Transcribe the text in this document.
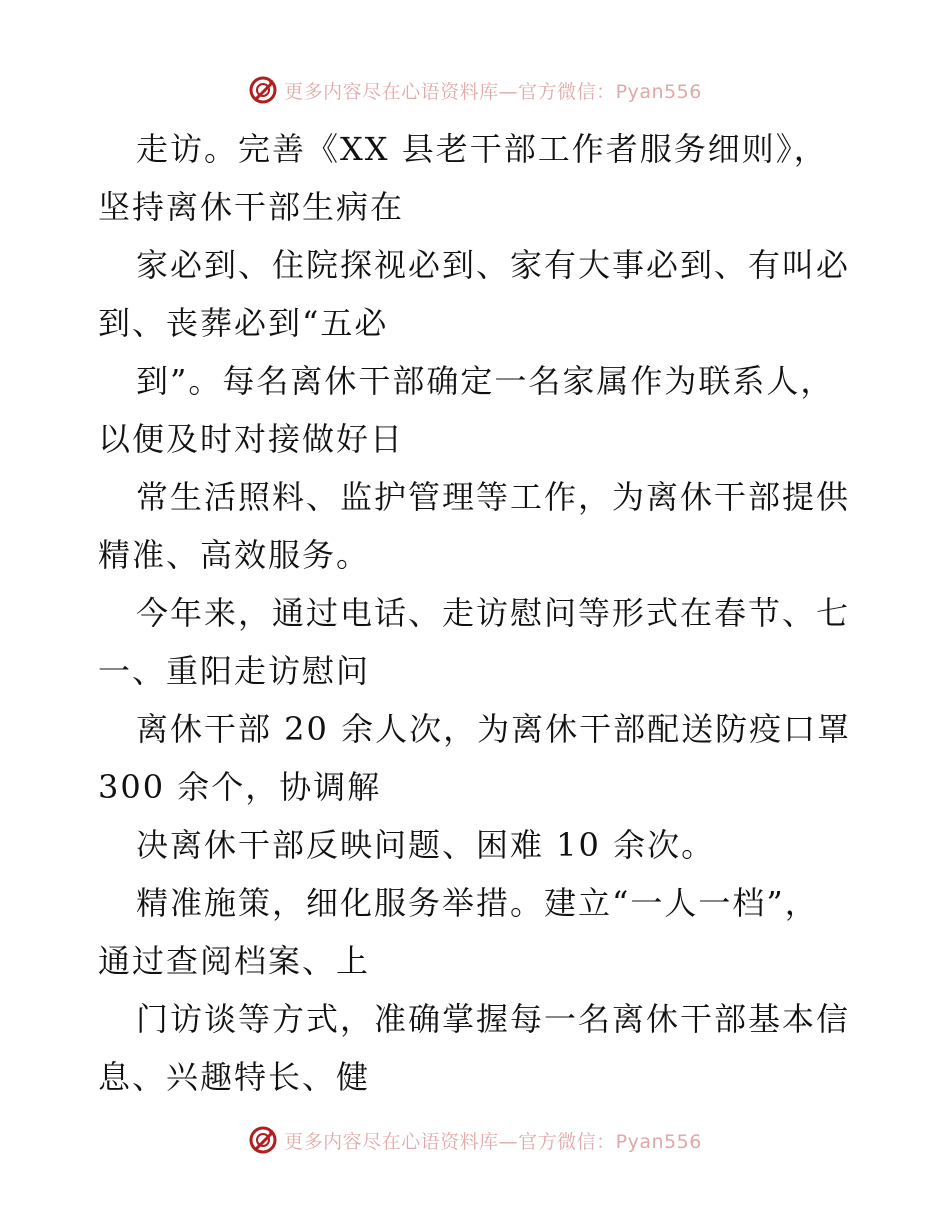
更多内容尽在心语资料库—官方微信：Pyan556
走访。完善《XX 县老干部工作者服务细则》，
坚持离休干部生病在
家必到、住院探视必到、家有大事必到、有叫必
到、丧葬必到“五必
到”。每名离休干部确定一名家属作为联系人，
以便及时对接做好日
常生活照料、监护管理等工作，为离休干部提供
精准、高效服务。
今年来，通过电话、走访慰问等形式在春节、七
一、重阳走访慰问
离休干部 20 余人次，为离休干部配送防疫口罩
300 余个，协调解
决离休干部反映问题、困难 10 余次。
精准施策，细化服务举措。建立“一人一档”，
通过查阅档案、上
门访谈等方式，准确掌握每一名离休干部基本信
息、兴趣特长、健
更多内容尽在心语资料库—官方微信：Pyan556
